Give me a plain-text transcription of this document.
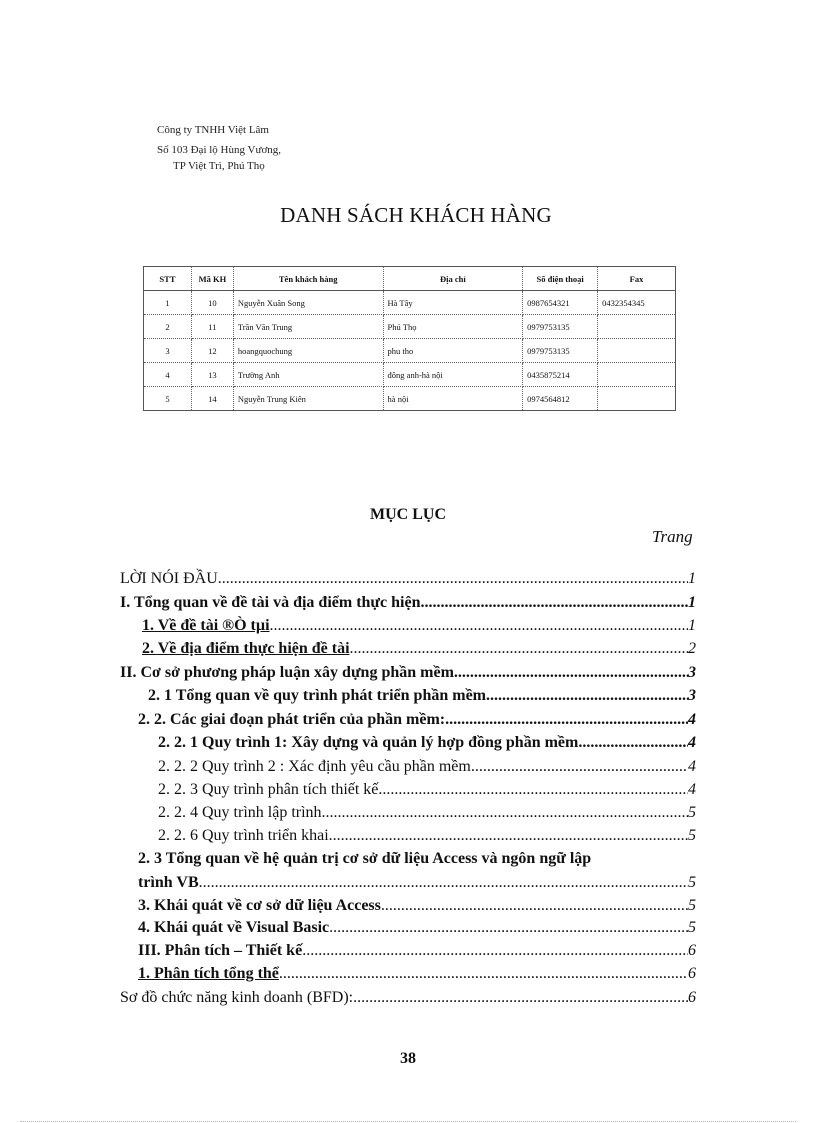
Công ty TNHH Việt Lâm
Số 103 Đại lộ Hùng Vương,
TP Việt Trì, Phú Thọ
DANH SÁCH KHÁCH HÀNG
STT	Mã KH	Tên khách hàng	Địa chỉ	Số điện thoại	Fax
1	10	Nguyễn Xuân Song	Hà Tây	0987654321	0432354345
2	11	Trần Văn Trung	Phú Thọ	0979753135	
3	12	hoangquochung	phu tho	0979753135	
4	13	Trường Anh	đông anh-hà nội	0435875214	
5	14	Nguyễn Trung Kiên	hà nội	0974564812	
MỤC LỤC
Trang
LỜI NÓI ĐẦU .....	1
I. Tổng quan về đề tài và địa điểm thực hiện .....	1
1. Về đề tài ®Ò tµi .....	1
2. Về địa điểm thực hiện đề tài .....	2
II. Cơ sở phương pháp luận xây dựng phần mềm .....	3
2. 1 Tổng quan về quy trình phát triển phần mềm .....	3
2. 2. Các giai đoạn phát triển của phần mềm: .....	4
2. 2. 1 Quy trình 1: Xây dựng và quản lý hợp đồng phần mềm .....	4
2. 2. 2 Quy trình 2 : Xác định yêu cầu phần mềm .....	4
2. 2. 3 Quy trình phân tích thiết kế .....	4
2. 2. 4 Quy trình lập trình .....	5
2. 2. 6 Quy trình triển khai .....	5
2. 3 Tổng quan về hệ quản trị cơ sở dữ liệu Access và ngôn ngữ lập
trình VB .....	5
3. Khái quát về cơ sở dữ liệu Access .....	5
4. Khái quát về Visual Basic .....	5
III. Phân tích – Thiết kế .....	6
1. Phân tích tổng thể .....	6
Sơ đồ chức năng kinh doanh (BFD): .....	6
38
